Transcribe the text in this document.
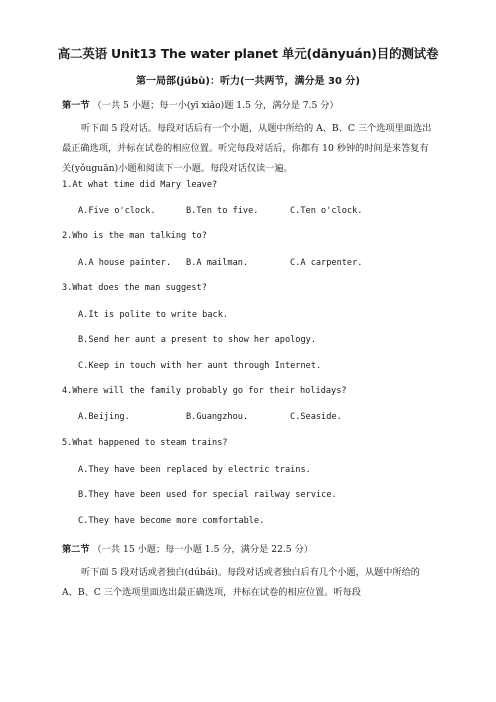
高二英语 Unit13 The water planet 单元(dānyuán)目的测试卷
第一局部(júbù)：听力(一共两节，满分是 30 分)
第一节 （一共 5 小题；每一小(yī xiǎo)题 1.5 分，满分是 7.5 分）
听下面 5 段对话。每段对话后有一个小题，从题中所给的 A、B、C 三个选项里面选出最正确选项，并标在试卷的相应位置。听完每段对话后，你都有 10 秒钟的时间是来答复有关(yǒuguān)小题和阅读下一小题。每段对话仅读一遍。
1.At what time did Mary leave?
A.Five o'clock.	B.Ten to five.	C.Ten o'clock.
2.Who is the man talking to?
A.A house painter. B.A mailman.	C.A carpenter.
3.What does the man suggest?
A.It is polite to write back.
B.Send her aunt a present to show her apology.
C.Keep in touch with her aunt through Internet.
4.Where will the family probably go for their holidays?
A.Beijing.	B.Guangzhou.	C.Seaside.
5.What happened to steam trains?
A.They have been replaced by electric trains.
B.They have been used for special railway service.
C.They have become more comfortable.
第二节 （一共 15 小题；每一小题 1.5 分，满分是 22.5 分）
听下面 5 段对话或者独白(dúbái)。每段对话或者独白后有几个小题，从题中所给的 A、B、C 三个选项里面选出最正确选项，并标在试卷的相应位置。听每段
